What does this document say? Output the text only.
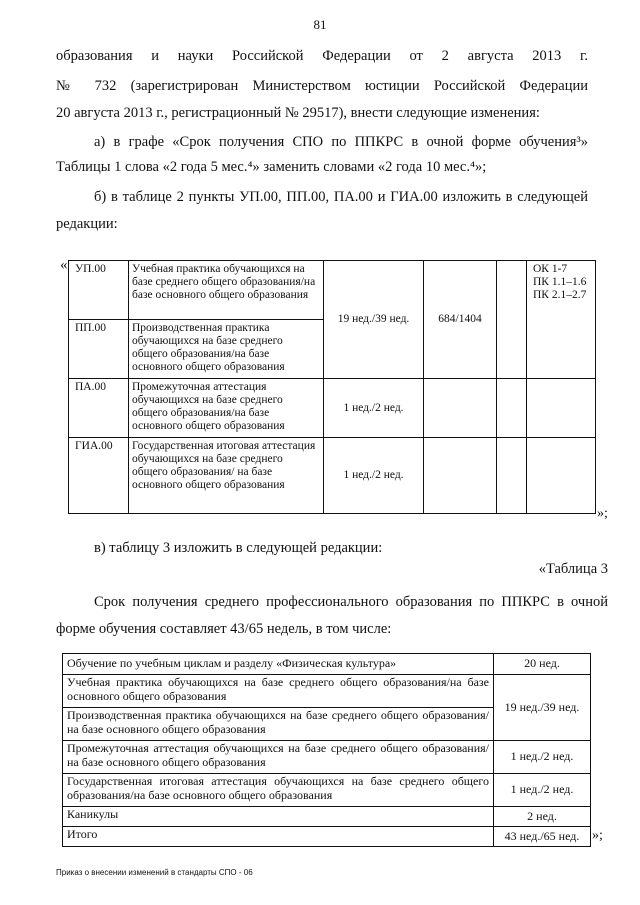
81

образования и науки Российской Федерации от 2 августа 2013 г.

№ 732 (зарегистрирован Министерством юстиции Российской Федерации

20 августа 2013 г., регистрационный № 29517), внести следующие изменения:

а) в графе «Срок получения СПО по ППКРС в очной форме обучения³»

Таблицы 1 слова «2 года 5 мес.⁴» заменить словами «2 года 10 мес.⁴»;

б) в таблице 2 пункты УП.00, ПП.00, ПА.00 и ГИА.00 изложить в следующей

редакции:

« УП.00	Учебная практика обучающихся на базе среднего общего образования/на базе основного общего образования	19 нед./39 нед.	684/1404		ОК 1-7
ПК 1.1–1.6
ПК 2.1–2.7

ПП.00	Производственная практика обучающихся на базе среднего общего образования/на базе основного общего образования				
ПА.00	Промежуточная аттестация обучающихся на базе среднего общего образования/на базе основного общего образования	1 нед./2 нед.			
ГИА.00	Государственная итоговая аттестация обучающихся на базе среднего общего образования/ на базе основного общего образования	1 нед./2 нед.			
»;

в) таблицу 3 изложить в следующей редакции:

«Таблица 3

Срок получения среднего профессионального образования по ППКРС в очной

форме обучения составляет 43/65 недель, в том числе:

Обучение по учебным циклам и разделу «Физическая культура»	20 нед.
Учебная практика обучающихся на базе среднего общего образования/на базе основного общего образования	19 нед./39 нед.
Производственная практика обучающихся на базе среднего общего образования/на базе основного общего образования	
Промежуточная аттестация обучающихся на базе среднего общего образования/на базе основного общего образования	1 нед./2 нед.
Государственная итоговая аттестация обучающихся на базе среднего общего образования/на базе основного общего образования	1 нед./2 нед.
Каникулы	2 нед.
Итого	43 нед./65 нед. »;
Приказ о внесении изменений в стандарты СПО - 06
